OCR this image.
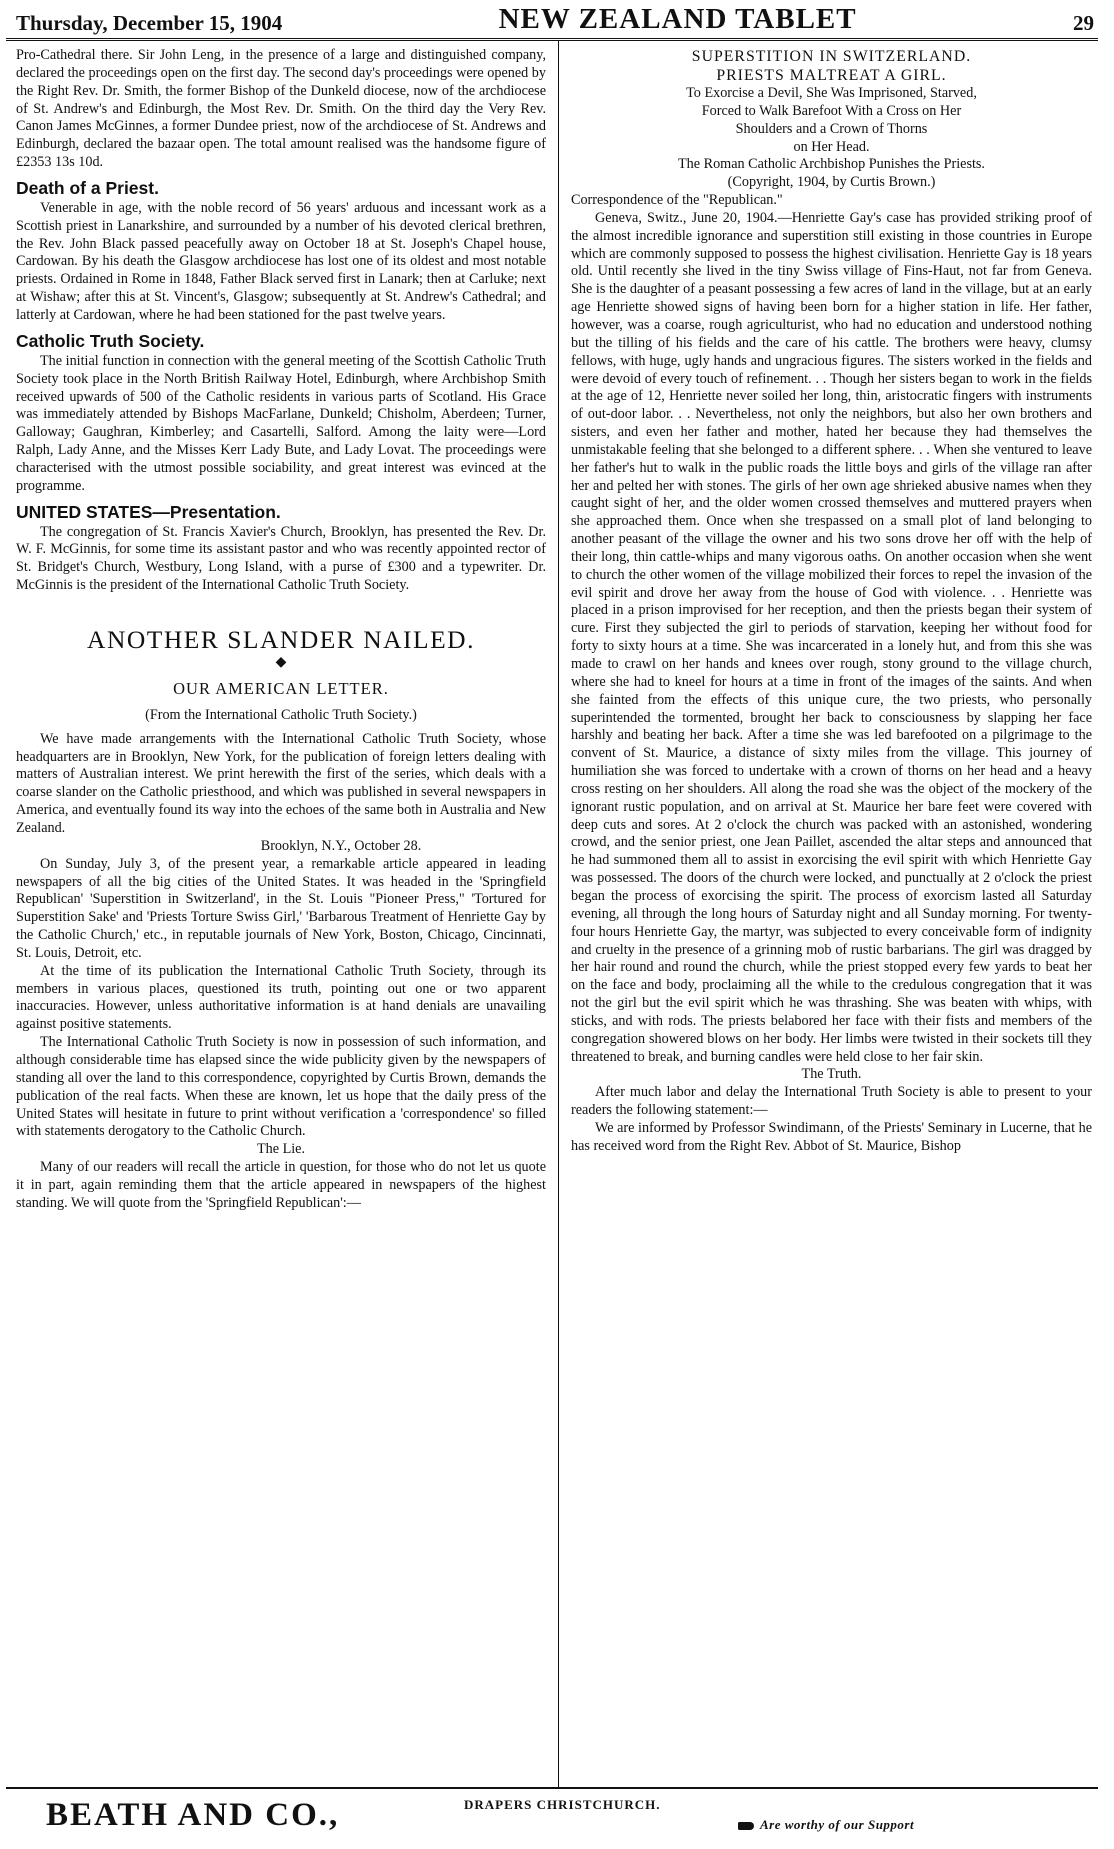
Thursday, December 15, 1904	NEW ZEALAND TABLET	29

Pro-Cathedral there. Sir John Leng, in the presence of a large and distinguished company, declared the proceedings open on the first day. The second day's proceedings were opened by the Right Rev. Dr. Smith, the former Bishop of the Dunkeld diocese, now of the archdiocese of St. Andrew's and Edinburgh, the Most Rev. Dr. Smith. On the third day the Very Rev. Canon James McGinnes, a former Dundee priest, now of the archdiocese of St. Andrews and Edinburgh, declared the bazaar open. The total amount realised was the handsome figure of £2353 13s 10d.

Death of a Priest.

Venerable in age, with the noble record of 56 years' arduous and incessant work as a Scottish priest in Lanarkshire, and surrounded by a number of his devoted clerical brethren, the Rev. John Black passed peacefully away on October 18 at St. Joseph's Chapel house, Cardowan. By his death the Glasgow archdiocese has lost one of its oldest and most notable priests. Ordained in Rome in 1848, Father Black served first in Lanark; then at Carluke; next at Wishaw; after this at St. Vincent's, Glasgow; subsequently at St. Andrew's Cathedral; and latterly at Cardowan, where he had been stationed for the past twelve years.

Catholic Truth Society.

The initial function in connection with the general meeting of the Scottish Catholic Truth Society took place in the North British Railway Hotel, Edinburgh, where Archbishop Smith received upwards of 500 of the Catholic residents in various parts of Scotland. His Grace was immediately attended by Bishops MacFarlane, Dunkeld; Chisholm, Aberdeen; Turner, Galloway; Gaughran, Kimberley; and Casartelli, Salford. Among the laity were—Lord Ralph, Lady Anne, and the Misses Kerr Lady Bute, and Lady Lovat. The proceedings were characterised with the utmost possible sociability, and great interest was evinced at the programme.

UNITED STATES—Presentation.

The congregation of St. Francis Xavier's Church, Brooklyn, has presented the Rev. Dr. W. F. McGinnis, for some time its assistant pastor and who was recently appointed rector of St. Bridget's Church, Westbury, Long Island, with a purse of £300 and a typewriter. Dr. McGinnis is the president of the International Catholic Truth Society.

ANOTHER SLANDER NAILED.
◆
OUR AMERICAN LETTER.

(From the International Catholic Truth Society.)

We have made arrangements with the International Catholic Truth Society, whose headquarters are in Brooklyn, New York, for the publication of foreign letters dealing with matters of Australian interest. We print herewith the first of the series, which deals with a coarse slander on the Catholic priesthood, and which was published in several newspapers in America, and eventually found its way into the echoes of the same both in Australia and New Zealand.

Brooklyn, N.Y., October 28.

On Sunday, July 3, of the present year, a remarkable article appeared in leading newspapers of all the big cities of the United States. It was headed in the 'Springfield Republican' 'Superstition in Switzerland', in the St. Louis "Pioneer Press," 'Tortured for Superstition Sake' and 'Priests Torture Swiss Girl,' 'Barbarous Treatment of Henriette Gay by the Catholic Church,' etc., in reputable journals of New York, Boston, Chicago, Cincinnati, St. Louis, Detroit, etc.

At the time of its publication the International Catholic Truth Society, through its members in various places, questioned its truth, pointing out one or two apparent inaccuracies. However, unless authoritative information is at hand denials are unavailing against positive statements.

The International Catholic Truth Society is now in possession of such information, and although considerable time has elapsed since the wide publicity given by the newspapers of standing all over the land to this correspondence, copyrighted by Curtis Brown, demands the publication of the real facts. When these are known, let us hope that the daily press of the United States will hesitate in future to print without verification a 'correspondence' so filled with statements derogatory to the Catholic Church.

The Lie.

Many of our readers will recall the article in question, for those who do not let us quote it in part, again reminding them that the article appeared in newspapers of the highest standing. We will quote from the 'Springfield Republican':—

SUPERSTITION IN SWITZERLAND.

PRIESTS MALTREAT A GIRL.

To Exorcise a Devil, She Was Imprisoned, Starved,

Forced to Walk Barefoot With a Cross on Her

Shoulders and a Crown of Thorns

on Her Head.

The Roman Catholic Archbishop Punishes the Priests.

(Copyright, 1904, by Curtis Brown.)

Correspondence of the "Republican."

Geneva, Switz., June 20, 1904.—Henriette Gay's case has provided striking proof of the almost incredible ignorance and superstition still existing in those countries in Europe which are commonly supposed to possess the highest civilisation. Henriette Gay is 18 years old. Until recently she lived in the tiny Swiss village of Fins-Haut, not far from Geneva. She is the daughter of a peasant possessing a few acres of land in the village, but at an early age Henriette showed signs of having been born for a higher station in life. Her father, however, was a coarse, rough agriculturist, who had no education and understood nothing but the tilling of his fields and the care of his cattle. The brothers were heavy, clumsy fellows, with huge, ugly hands and ungracious figures. The sisters worked in the fields and were devoid of every touch of refinement. . . Though her sisters began to work in the fields at the age of 12, Henriette never soiled her long, thin, aristocratic fingers with instruments of out-door labor. . . Nevertheless, not only the neighbors, but also her own brothers and sisters, and even her father and mother, hated her because they had themselves the unmistakable feeling that she belonged to a different sphere. . . When she ventured to leave her father's hut to walk in the public roads the little boys and girls of the village ran after her and pelted her with stones. The girls of her own age shrieked abusive names when they caught sight of her, and the older women crossed themselves and muttered prayers when she approached them. Once when she trespassed on a small plot of land belonging to another peasant of the village the owner and his two sons drove her off with the help of their long, thin cattle-whips and many vigorous oaths. On another occasion when she went to church the other women of the village mobilized their forces to repel the invasion of the evil spirit and drove her away from the house of God with violence. . . Henriette was placed in a prison improvised for her reception, and then the priests began their system of cure. First they subjected the girl to periods of starvation, keeping her without food for forty to sixty hours at a time. She was incarcerated in a lonely hut, and from this she was made to crawl on her hands and knees over rough, stony ground to the village church, where she had to kneel for hours at a time in front of the images of the saints. And when she fainted from the effects of this unique cure, the two priests, who personally superintended the tormented, brought her back to consciousness by slapping her face harshly and beating her back. After a time she was led barefooted on a pilgrimage to the convent of St. Maurice, a distance of sixty miles from the village. This journey of humiliation she was forced to undertake with a crown of thorns on her head and a heavy cross resting on her shoulders. All along the road she was the object of the mockery of the ignorant rustic population, and on arrival at St. Maurice her bare feet were covered with deep cuts and sores. At 2 o'clock the church was packed with an astonished, wondering crowd, and the senior priest, one Jean Paillet, ascended the altar steps and announced that he had summoned them all to assist in exorcising the evil spirit with which Henriette Gay was possessed. The doors of the church were locked, and punctually at 2 o'clock the priest began the process of exorcising the spirit. The process of exorcism lasted all Saturday evening, all through the long hours of Saturday night and all Sunday morning. For twenty-four hours Henriette Gay, the martyr, was subjected to every conceivable form of indignity and cruelty in the presence of a grinning mob of rustic barbarians. The girl was dragged by her hair round and round the church, while the priest stopped every few yards to beat her on the face and body, proclaiming all the while to the credulous congregation that it was not the girl but the evil spirit which he was thrashing. She was beaten with whips, with sticks, and with rods. The priests belabored her face with their fists and members of the congregation showered blows on her body. Her limbs were twisted in their sockets till they threatened to break, and burning candles were held close to her fair skin.

The Truth.

After much labor and delay the International Truth Society is able to present to your readers the following statement:—

We are informed by Professor Swindimann, of the Priests' Seminary in Lucerne, that he has received word from the Right Rev. Abbot of St. Maurice, Bishop

BEATH AND CO.,	DRAPERS CHRISTCHURCH.
Are worthy of our Support
